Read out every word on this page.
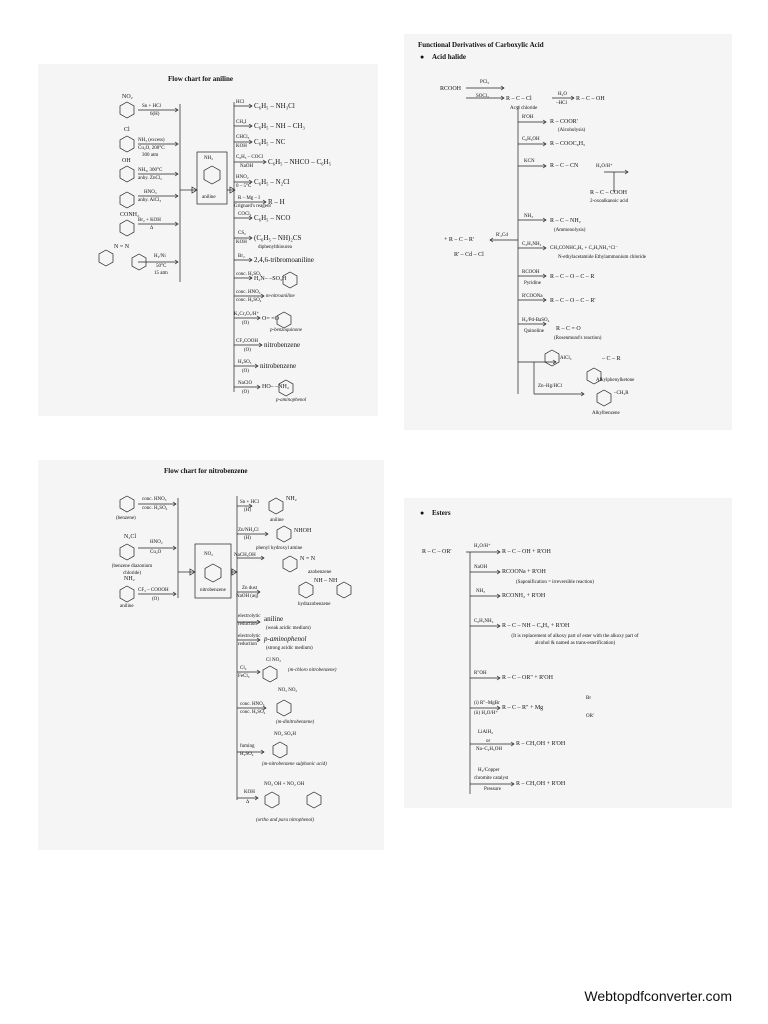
Flow chart for aniline
NO₂
Sn + HCl
6(H)
Cl
NH₃ (excess)
Cu₂O, 200°C
300 atm
OH
NH₃, 300°C
anhy. ZnCl₂
HNO₃
anhy. AlCl₃
CONH₂
Br₂ + KOH
Δ
N = N
H₂/Ni
50°C
15 atm
NH₂
aniline
HCl C₆H₅ – NH₃Cl
CH₃I C₆H₅ – NH – CH₃
CHCl₃
KOH
C₆H₅ – NC
C₆H₅ – COCl
NaOH
C₆H₅ – NHCO – C₆H₅
HNO₂
0 – 5°C
C₆H₅ – N₂Cl
R – Mg – I
Grignard's reagent
R – H
COCl₂ C₆H₅ – NCO
CS₂
KOH
(C₆H₅ – NH)₂CS
diphenylthiourea
Br₂ 2,4,6-tribromoaniline
conc. H₂SO₄
H₂N– –SO₃H
conc. HNO₃
conc. H₂SO₄
m-nitroaniline
K₂Cr₂O₇/H⁺
(O)
O= =O
p-benzoquinone
CF₃COOH
(O)
nitrobenzene
H₂SO₅
(O)
nitrobenzene
NaClO
(O)
HO– –NH₂
p-aminophenol
Flow chart for nitrobenzene
conc. HNO₃
conc. H₂SO₄
(benzene)
N₂Cl
HNO₂
Cu₂O
(benzene diazonium chloride)
NH₂
CF₃ – COOOH
(O)
aniline
NO₂
nitrobenzene
Sn + HCl
(H)
NH₂
aniline
Zn/NH₄Cl
(H)
NHOH
phenyl hydroxyl amine
NaCH₃OH
N = N
azobenzene
Zn dust
NaOH (aq)
NH – NH
hydrazobenzene
electrolytic
reduction
aniline
(weak acidic medium)
electrolytic
reduction
p-aminophenol
(strong acidic medium)
Cl₂
FeCl₃
Cl NO₂
(m-chloro nitrobenzene)
conc. HNO₃
conc. H₂SO₄
NO₂ NO₂
(m-dinitrobenzene)
fuming
H₂SO₄
NO₂ SO₃H
(m-nitrobenzene sulphonic acid)
KOH
Δ
NO₂ OH + NO₂ OH
(ortho and para nitrophenol)
Functional Derivatives of Carboxylic Acid
● Acid halide
RCOOH
PCl₅
SOCl₂	R – C – Cl
Acyl chloride
H₂O
–HCl
R – C – OH
R'OH
R – COOR'
(Alcoholysis)
C₆H₅OH
R – COOC₆H₅
KCN
R – C – CN	H₃O/H⁺
R – C – COOH
2-oxoalkanoic acid
NH₃
R – C – NH₂
(Ammonolysis)
R'₂Cd
+ R – C – R'
R' – Cd – Cl
C₂H₅NH₂
CH₃CONHC₂H₅ + C₂H₅NH₃⁺Cl⁻
N-ethylacetamide Ethylammonium chloride
RCOOH
Pyridine
R – C – O – C – R
R'COONa
R – C – O – C – R'
H₂/Pd-BaSO₄
Quinoline R – C = O
(Rosenmund's reaction)
AlCl₃	– C – R
Alkylphenylketone
Zn–Hg/HCl
–CH₂R
Alkylbenzene
● Esters
R – C – OR'
H₂O/H⁺
R – C – OH + R'OH
NaOH
RCOONa + R'OH
(Saponification = irreversible reaction)
NH₃
RCONH₂ + R'OH
C₆H₅NH₂
R – C – NH – C₆H₅ + R'OH
(It is replacement of alkoxy part of ester with the alkoxy part of alcohol & named as trans-esterification)
R"OH
R – C – OR" + R'OH
(i) R"–MgBr
(ii) H₂O/H⁺
R – C – R" + Mg
Br
OR'
LiAlH₄
or
Na–C₂H₅OH
R – CH₂OH + R'OH
H₂/Copper
chromite catalyst
Pressure
R – CH₂OH + R'OH
Webtopdfconverter.com
